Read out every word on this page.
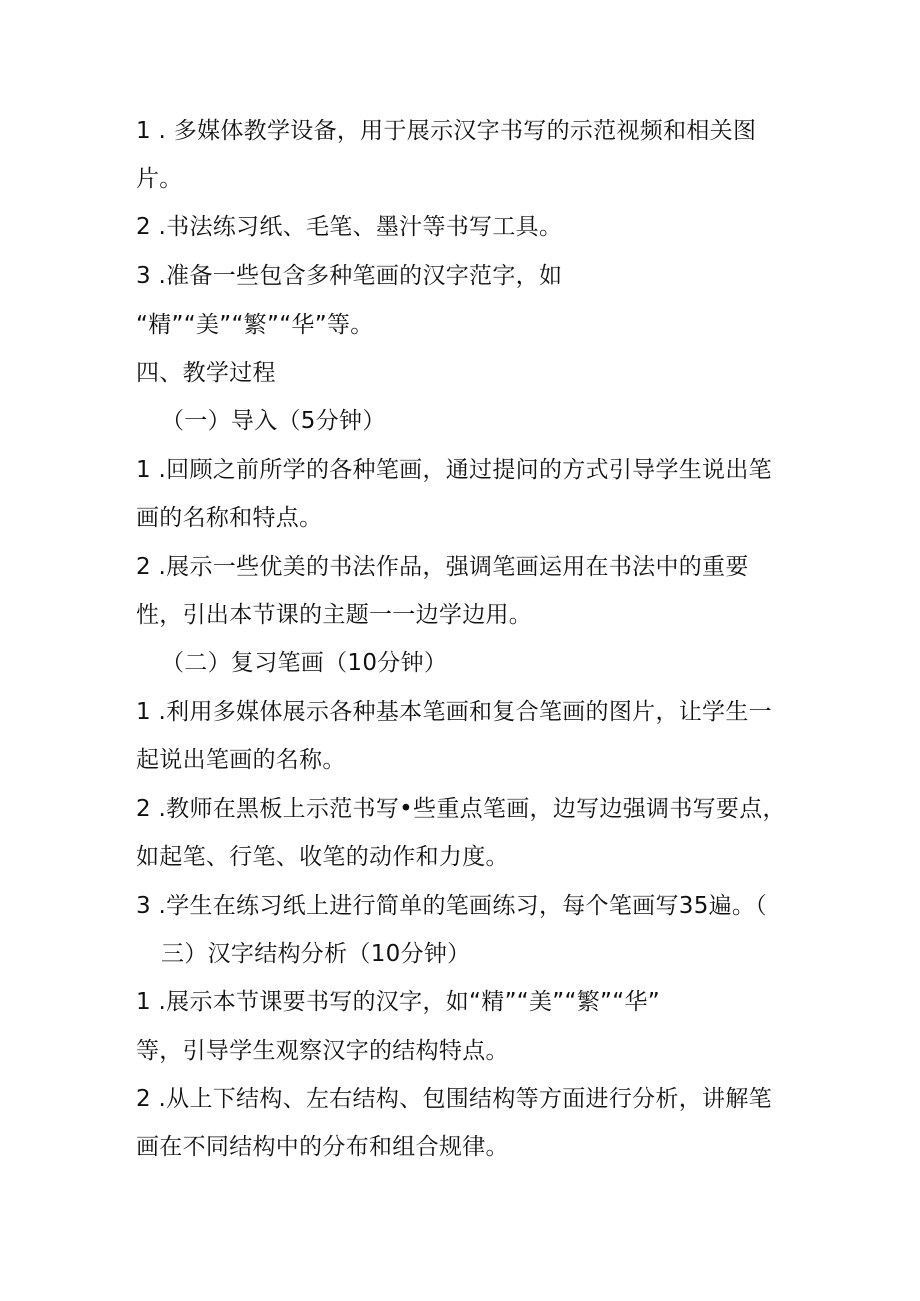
1 . 多媒体教学设备，用于展示汉字书写的示范视频和相关图
片。
2 .书法练习纸、毛笔、墨汁等书写工具。
3 .准备一些包含多种笔画的汉字范字，如
“精”“美”“繁”“华”等。
四、教学过程
（一）导入（5分钟）
1 .回顾之前所学的各种笔画，通过提问的方式引导学生说出笔
画的名称和特点。
2 .展示一些优美的书法作品，强调笔画运用在书法中的重要
性，引出本节课的主题一一边学边用。
（二）复习笔画（10分钟）
1 .利用多媒体展示各种基本笔画和复合笔画的图片，让学生一
起说出笔画的名称。
2 .教师在黑板上示范书写•些重点笔画，边写边强调书写要点，
如起笔、行笔、收笔的动作和力度。
3 .学生在练习纸上进行简单的笔画练习，每个笔画写35遍。（
三）汉字结构分析（10分钟）
1 .展示本节课要书写的汉字，如“精”“美”“繁”“华”
等，引导学生观察汉字的结构特点。
2 .从上下结构、左右结构、包围结构等方面进行分析，讲解笔
画在不同结构中的分布和组合规律。
